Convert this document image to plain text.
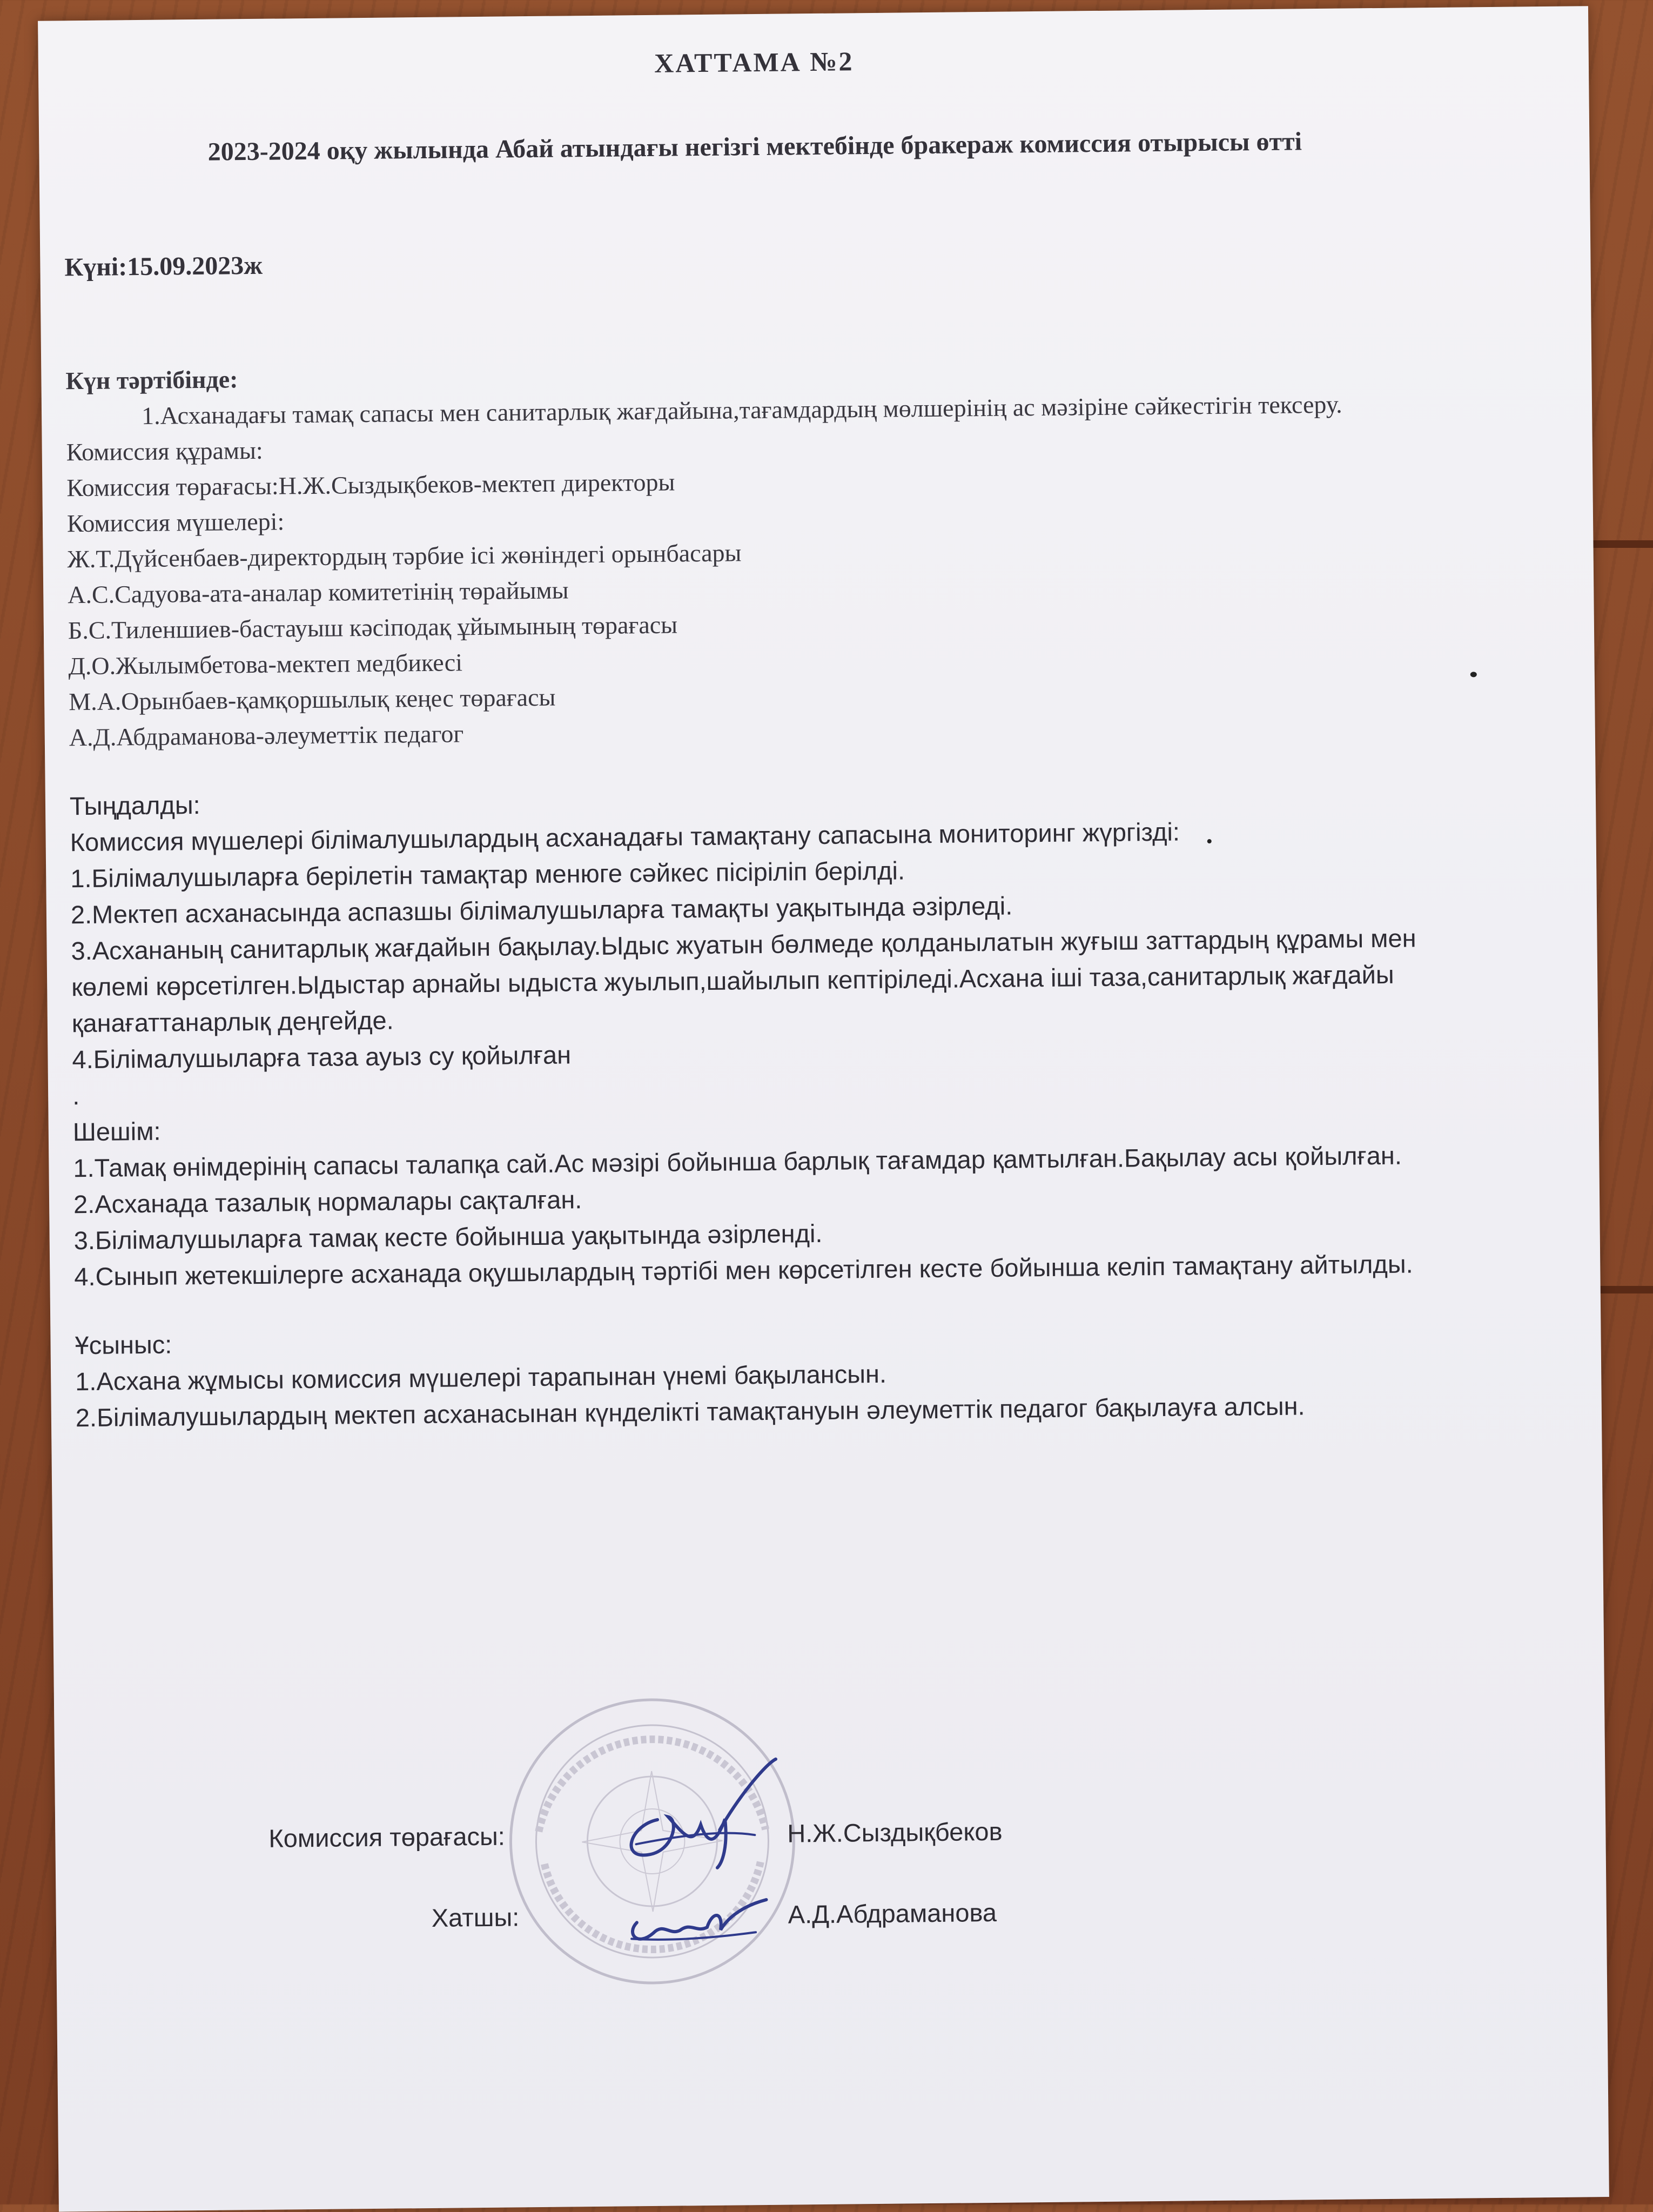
ХАТТАМА №2
2023-2024 оқу жылында Абай атындағы негізгі мектебінде бракераж комиссия отырысы өтті
Күні:15.09.2023ж

Күн тәртібінде:

1.Асханадағы тамақ сапасы мен санитарлық жағдайына,тағамдардың мөлшерінің ас мәзіріне сәйкестігін тексеру.

Комиссия құрамы:

Комиссия төрағасы:Н.Ж.Сыздықбеков-мектеп директоры

Комиссия мүшелері:

Ж.Т.Дүйсенбаев-директордың тәрбие ісі жөніндегі орынбасары

А.С.Садуова-ата-аналар комитетінің төрайымы

Б.С.Тиленшиев-бастауыш кәсіподақ ұйымының төрағасы

Д.О.Жылымбетова-мектеп медбикесі

М.А.Орынбаев-қамқоршылық кеңес төрағасы

А.Д.Абдраманова-әлеуметтік педагог

Тыңдалды:

Комиссия мүшелері білімалушылардың асханадағы тамақтану сапасына мониторинг жүргізді:

1.Білімалушыларға берілетін тамақтар менюге сәйкес пісіріліп берілді.

2.Мектеп асханасында аспазшы білімалушыларға тамақты уақытында әзірледі.

3.Асхананың санитарлық жағдайын бақылау.Ыдыс жуатын бөлмеде қолданылатын жуғыш заттардың құрамы мен көлемі көрсетілген.Ыдыстар арнайы ыдыста жуылып,шайылып кептіріледі.Асхана іші таза,санитарлық жағдайы қанағаттанарлық деңгейде.

4.Білімалушыларға таза ауыз су қойылған

.

Шешім:

1.Тамақ өнімдерінің сапасы талапқа сай.Ас мәзірі бойынша барлық тағамдар қамтылған.Бақылау асы қойылған.

2.Асханада тазалық нормалары сақталған.

3.Білімалушыларға тамақ кесте бойынша уақытында әзірленді.

4.Сынып жетекшілерге асханада оқушылардың тәртібі мен көрсетілген кесте бойынша келіп тамақтану айтылды.

Ұсыныс:

1.Асхана жұмысы комиссия мүшелері тарапынан үнемі бақылансын.

2.Білімалушылардың мектеп асханасынан күнделікті тамақтануын әлеуметтік педагог бақылауға алсын.

Комиссия төрағасы:	Н.Ж.Сыздықбеков
Хатшы:	А.Д.Абдраманова
